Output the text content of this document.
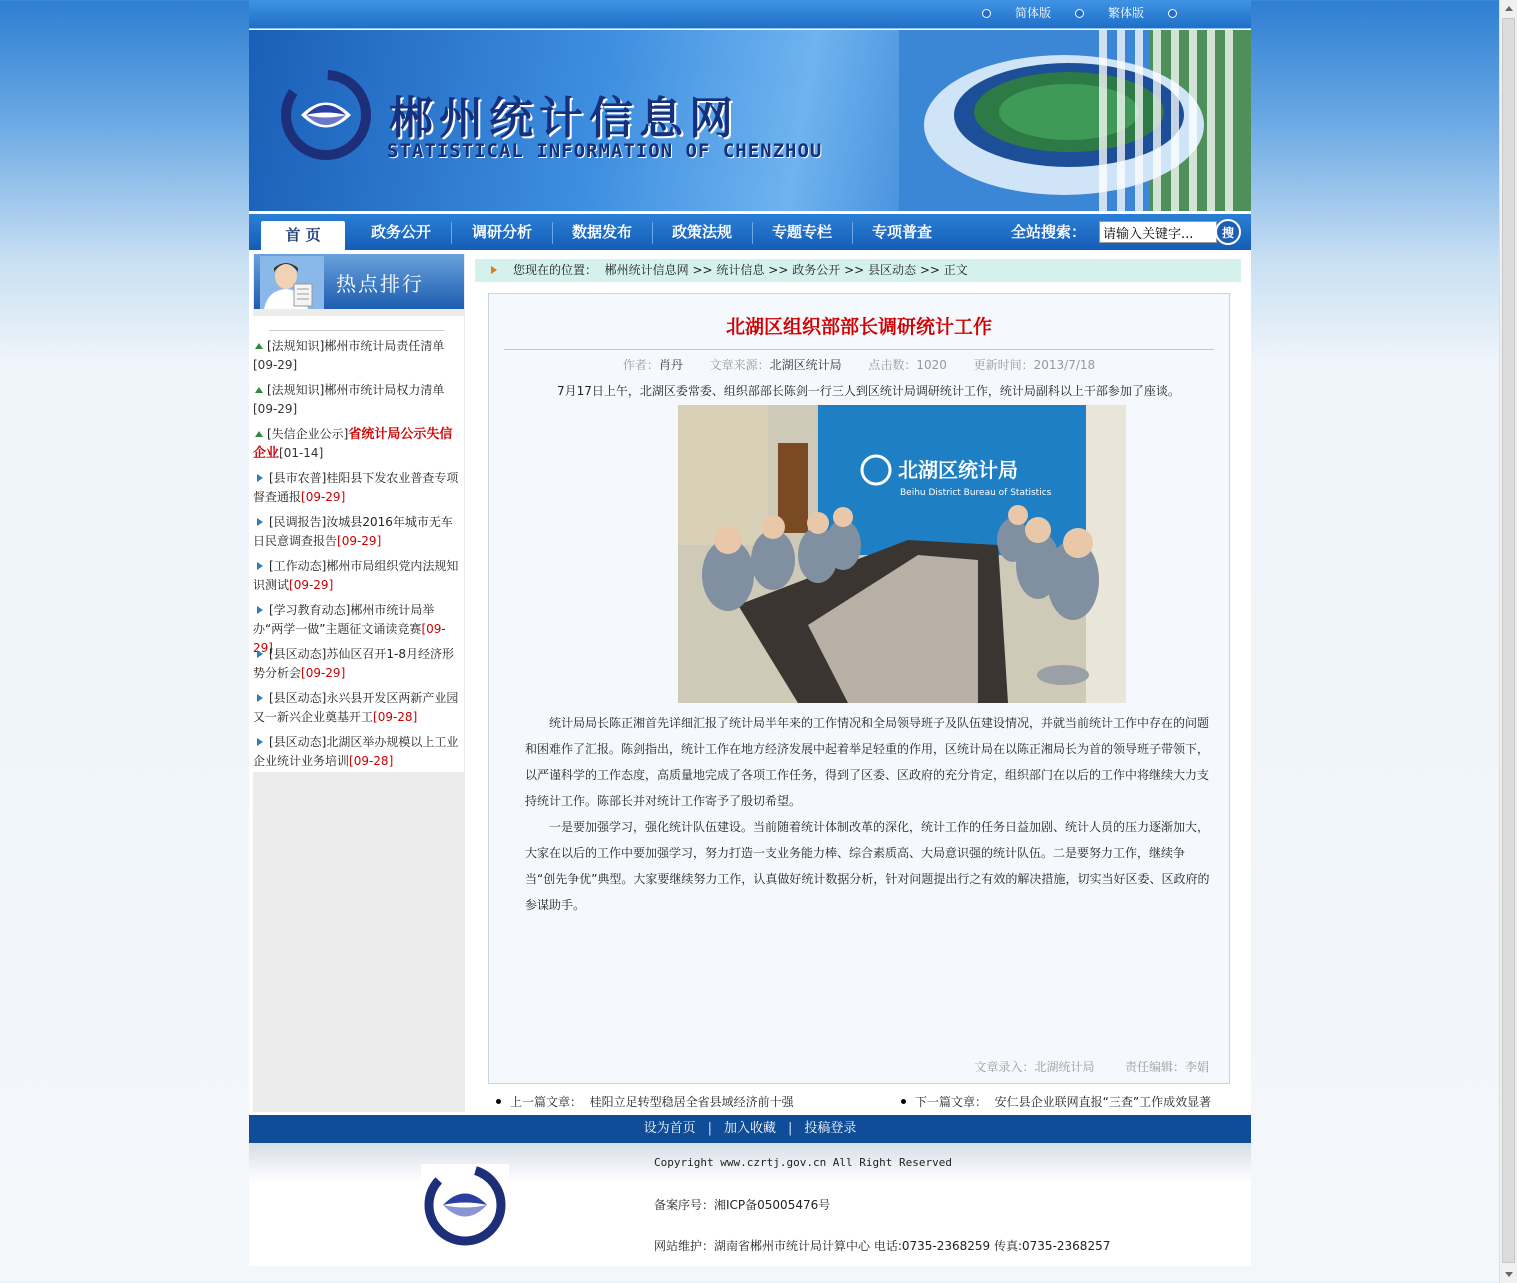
简体版	繁体版
郴州统计信息网
STATISTICAL INFORMATION OF CHENZHOU
首 页	政务公开	调研分析	数据发布	政策法规	专题专栏	专项普查	全站搜索：
请输入关键字...	搜
热点排行
[法规知识]郴州市统计局责任清单
[09-29]
[法规知识]郴州市统计局权力清单
[09-29]
[失信企业公示]省统计局公示失信企业[01-14]
[县市农普]桂阳县下发农业普查专项督查通报[09-29]
[民调报告]汝城县2016年城市无车日民意调查报告[09-29]
[工作动态]郴州市局组织党内法规知识测试[09-29]
[学习教育动态]郴州市统计局举办“两学一做”主题征文诵读竞赛[09-29]
[县区动态]苏仙区召开1-8月经济形势分析会[09-29]
[县区动态]永兴县开发区两新产业园又一新兴企业奠基开工[09-28]
[县区动态]北湖区举办规模以上工业企业统计业务培训[09-28]
您现在的位置： 郴州统计信息网 >> 统计信息 >> 政务公开 >> 县区动态 >> 正文
北湖区组织部部长调研统计工作
作者：肖丹 文章来源：北湖区统计局 点击数：1020 更新时间：2013/7/18
7月17日上午，北湖区委常委、组织部部长陈剑一行三人到区统计局调研统计工作，统计局副科以上干部参加了座谈。
北湖区统计局
Beihu District Bureau of Statistics

统计局局长陈正湘首先详细汇报了统计局半年来的工作情况和全局领导班子及队伍建设情况，并就当前统计工作中存在的问题和困难作了汇报。陈剑指出，统计工作在地方经济发展中起着举足轻重的作用，区统计局在以陈正湘局长为首的领导班子带领下，以严谨科学的工作态度，高质量地完成了各项工作任务，得到了区委、区政府的充分肯定，组织部门在以后的工作中将继续大力支持统计工作。陈部长并对统计工作寄予了殷切希望。

一是要加强学习，强化统计队伍建设。当前随着统计体制改革的深化，统计工作的任务日益加剧、统计人员的压力逐渐加大，大家在以后的工作中要加强学习，努力打造一支业务能力棒、综合素质高、大局意识强的统计队伍。二是要努力工作，继续争当“创先争优”典型。大家要继续努力工作，认真做好统计数据分析，针对问题提出行之有效的解决措施，切实当好区委、区政府的参谋助手。

文章录入：北湖统计局	责任编辑：李娟
上一篇文章： 桂阳立足转型稳居全省县域经济前十强	下一篇文章： 安仁县企业联网直报“三查”工作成效显著
设为首页 | 加入收藏 | 投稿登录
Copyright www.czrtj.gov.cn All Right Reserved
备案序号：湘ICP备05005476号
网站维护：湖南省郴州市统计局计算中心 电话:0735-2368259 传真:0735-2368257
